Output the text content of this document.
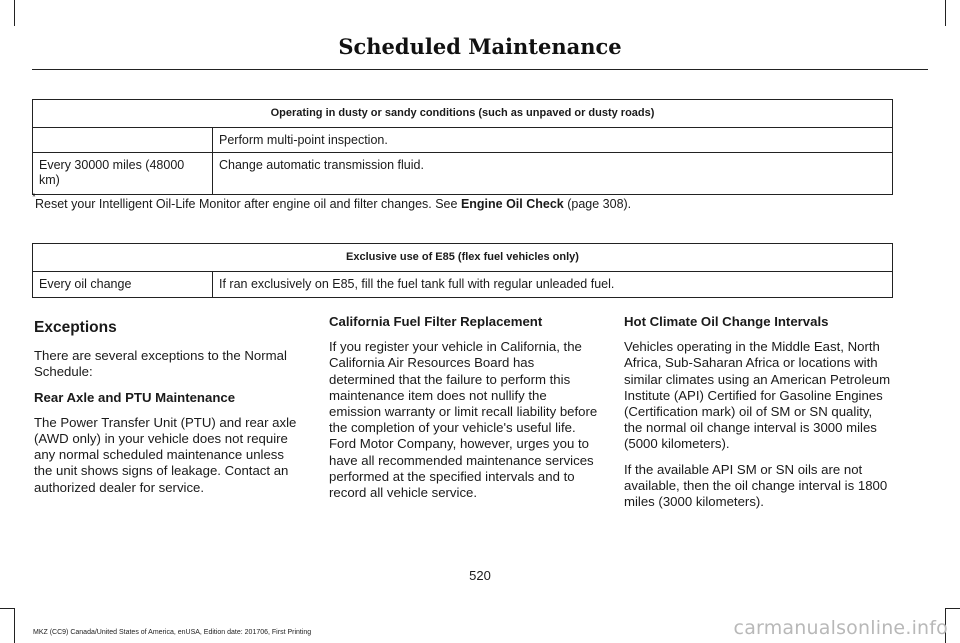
Scheduled Maintenance
Operating in dusty or sandy conditions (such as unpaved or dusty roads)	
	Perform multi-point inspection.
Every 30000 miles (48000 km)	Change automatic transmission fluid.
* Reset your Intelligent Oil-Life Monitor after engine oil and filter changes. See Engine Oil Check (page 308).
Exclusive use of E85 (flex fuel vehicles only)
Every oil change	If ran exclusively on E85, fill the fuel tank full with regular unleaded fuel.
Exceptions

There are several exceptions to the Normal Schedule:

Rear Axle and PTU Maintenance

The Power Transfer Unit (PTU) and rear axle (AWD only) in your vehicle does not require any normal scheduled maintenance unless the unit shows signs of leakage. Contact an authorized dealer for service.

California Fuel Filter Replacement

If you register your vehicle in California, the California Air Resources Board has determined that the failure to perform this maintenance item does not nullify the emission warranty or limit recall liability before the completion of your vehicle's useful life. Ford Motor Company, however, urges you to have all recommended maintenance services performed at the specified intervals and to record all vehicle service.

Hot Climate Oil Change Intervals

Vehicles operating in the Middle East, North Africa, Sub-Saharan Africa or locations with similar climates using an American Petroleum Institute (API) Certified for Gasoline Engines (Certification mark) oil of SM or SN quality, the normal oil change interval is 3000 miles (5000 kilometers).

If the available API SM or SN oils are not available, then the oil change interval is 1800 miles (3000 kilometers).

520
MKZ (CC9) Canada/United States of America, enUSA, Edition date: 201706, First Printing	carmanualsonline.info
